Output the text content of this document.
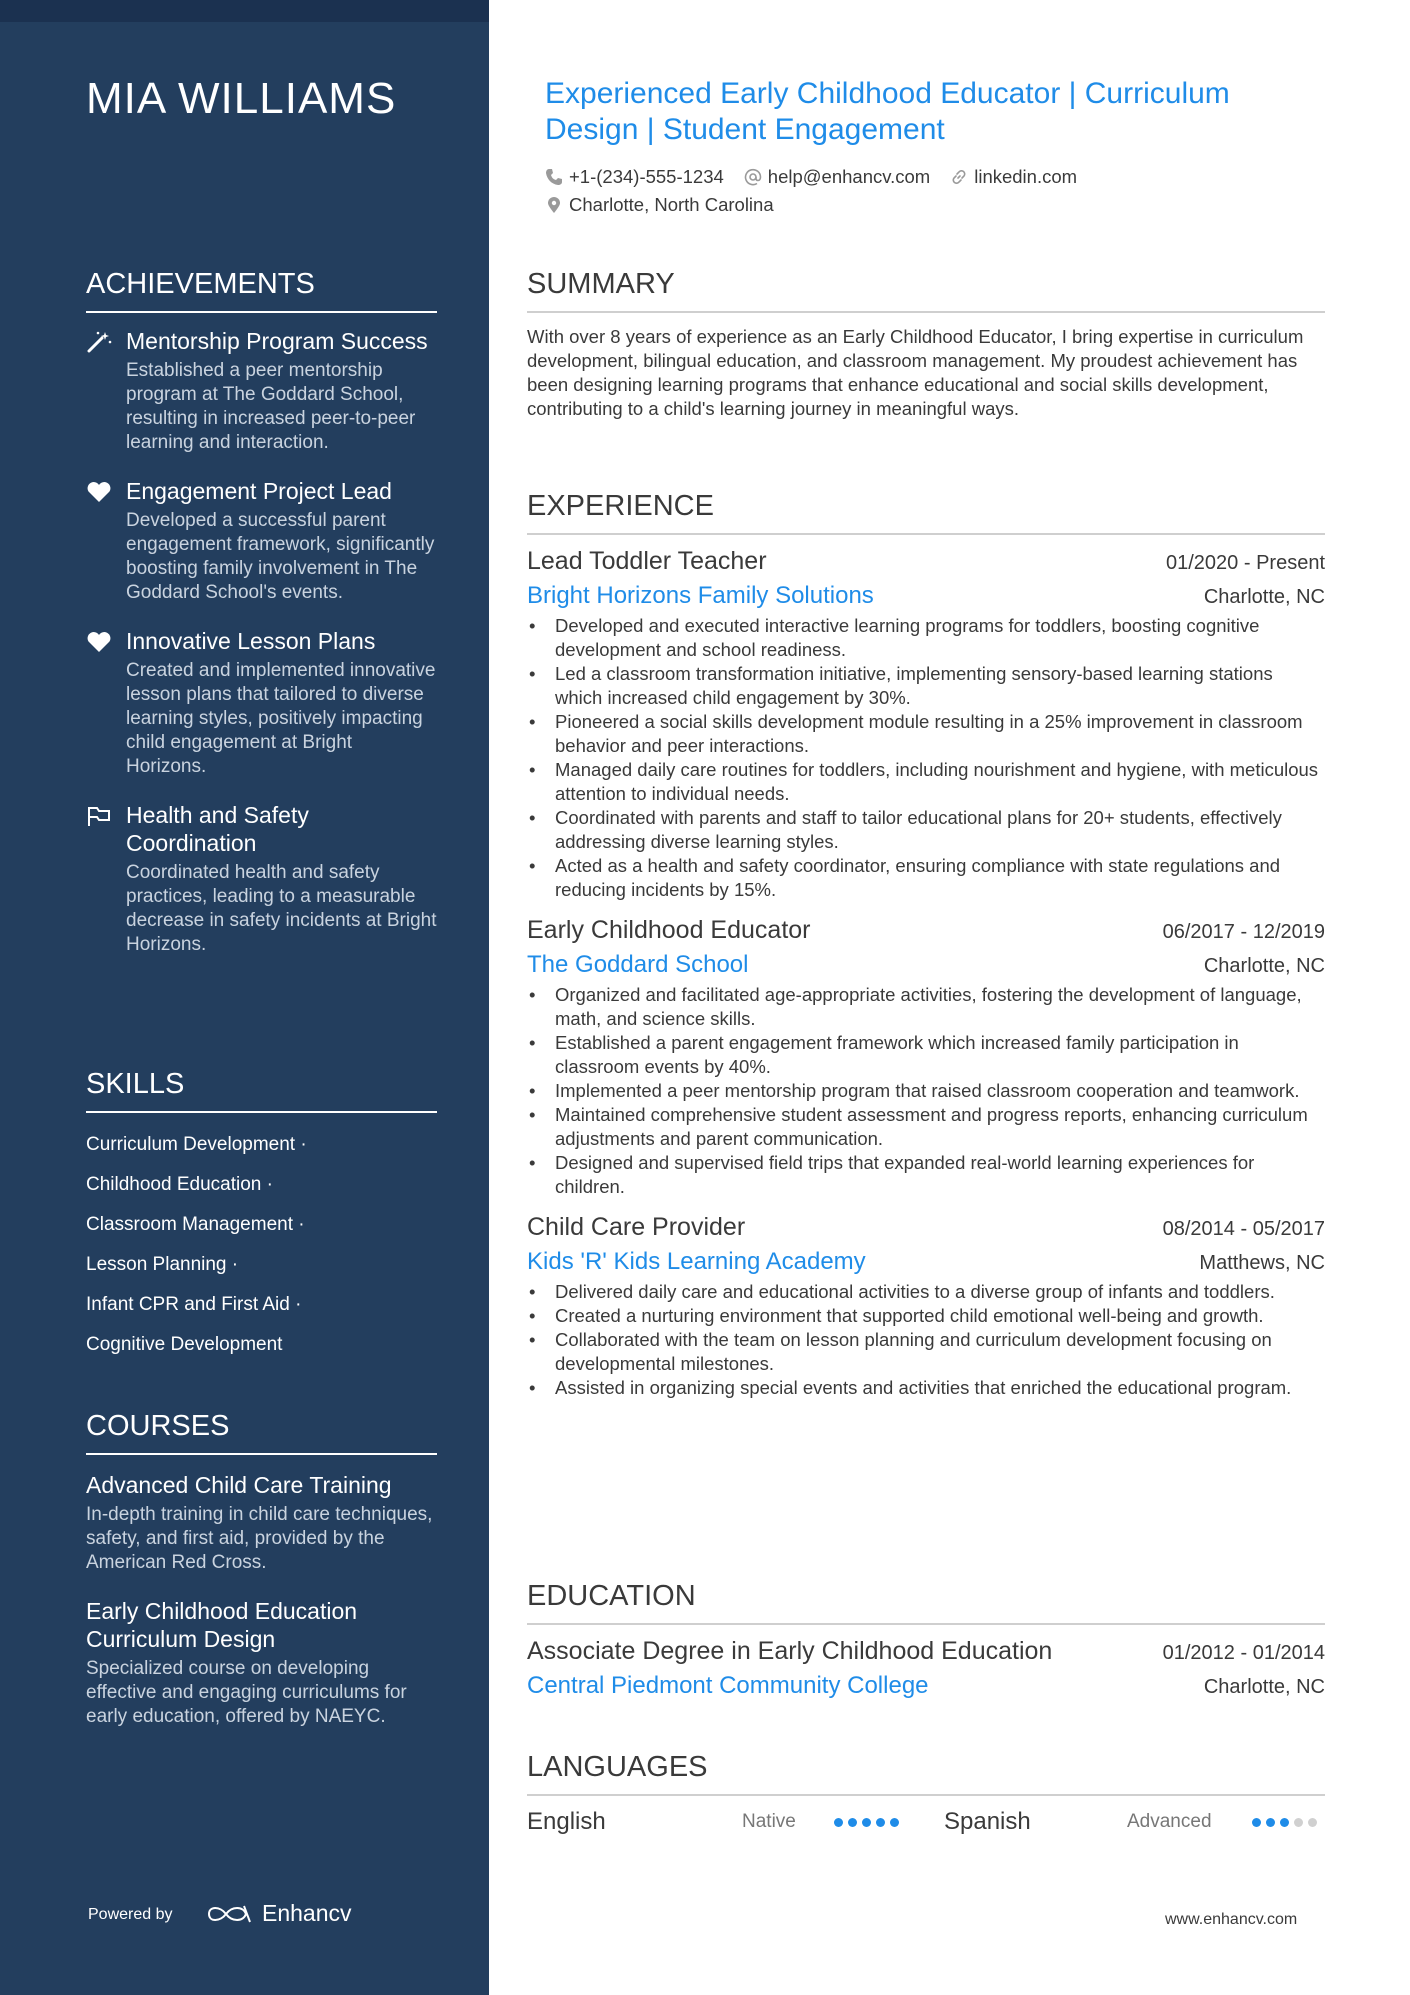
MIA WILLIAMS
ACHIEVEMENTS
Mentorship Program Success
Established a peer mentorship program at The Goddard School, resulting in increased peer-to-peer learning and interaction.
Engagement Project Lead
Developed a successful parent engagement framework, significantly boosting family involvement in The Goddard School's events.
Innovative Lesson Plans
Created and implemented innovative lesson plans that tailored to diverse learning styles, positively impacting child engagement at Bright Horizons.
Health and Safety Coordination
Coordinated health and safety practices, leading to a measurable decrease in safety incidents at Bright Horizons.
SKILLS
Curriculum Development ·
Childhood Education ·
Classroom Management ·
Lesson Planning ·
Infant CPR and First Aid ·
Cognitive Development
COURSES
Advanced Child Care Training
In-depth training in child care techniques, safety, and first aid, provided by the American Red Cross.
Early Childhood Education Curriculum Design
Specialized course on developing effective and engaging curriculums for early education, offered by NAEYC.
Powered by	Enhancv
Experienced Early Childhood Educator | Curriculum Design | Student Engagement
+1-(234)-555-1234 help@enhancv.com linkedin.com
Charlotte, North Carolina
SUMMARY
With over 8 years of experience as an Early Childhood Educator, I bring expertise in curriculum development, bilingual education, and classroom management. My proudest achievement has been designing learning programs that enhance educational and social skills development, contributing to a child's learning journey in meaningful ways.
EXPERIENCE
Lead Toddler Teacher	01/2020 - Present
Bright Horizons Family Solutions	Charlotte, NC
• Developed and executed interactive learning programs for toddlers, boosting cognitive development and school readiness.
• Led a classroom transformation initiative, implementing sensory-based learning stations which increased child engagement by 30%.
• Pioneered a social skills development module resulting in a 25% improvement in classroom behavior and peer interactions.
• Managed daily care routines for toddlers, including nourishment and hygiene, with meticulous attention to individual needs.
• Coordinated with parents and staff to tailor educational plans for 20+ students, effectively addressing diverse learning styles.
• Acted as a health and safety coordinator, ensuring compliance with state regulations and reducing incidents by 15%.
Early Childhood Educator	06/2017 - 12/2019
The Goddard School	Charlotte, NC
• Organized and facilitated age-appropriate activities, fostering the development of language, math, and science skills.
• Established a parent engagement framework which increased family participation in classroom events by 40%.
• Implemented a peer mentorship program that raised classroom cooperation and teamwork.
• Maintained comprehensive student assessment and progress reports, enhancing curriculum adjustments and parent communication.
• Designed and supervised field trips that expanded real-world learning experiences for children.
Child Care Provider	08/2014 - 05/2017
Kids 'R' Kids Learning Academy	Matthews, NC
• Delivered daily care and educational activities to a diverse group of infants and toddlers.
• Created a nurturing environment that supported child emotional well-being and growth.
• Collaborated with the team on lesson planning and curriculum development focusing on developmental milestones.
• Assisted in organizing special events and activities that enriched the educational program.
EDUCATION
Associate Degree in Early Childhood Education	01/2012 - 01/2014
Central Piedmont Community College	Charlotte, NC
LANGUAGES
English	Native	Spanish	Advanced
www.enhancv.com
